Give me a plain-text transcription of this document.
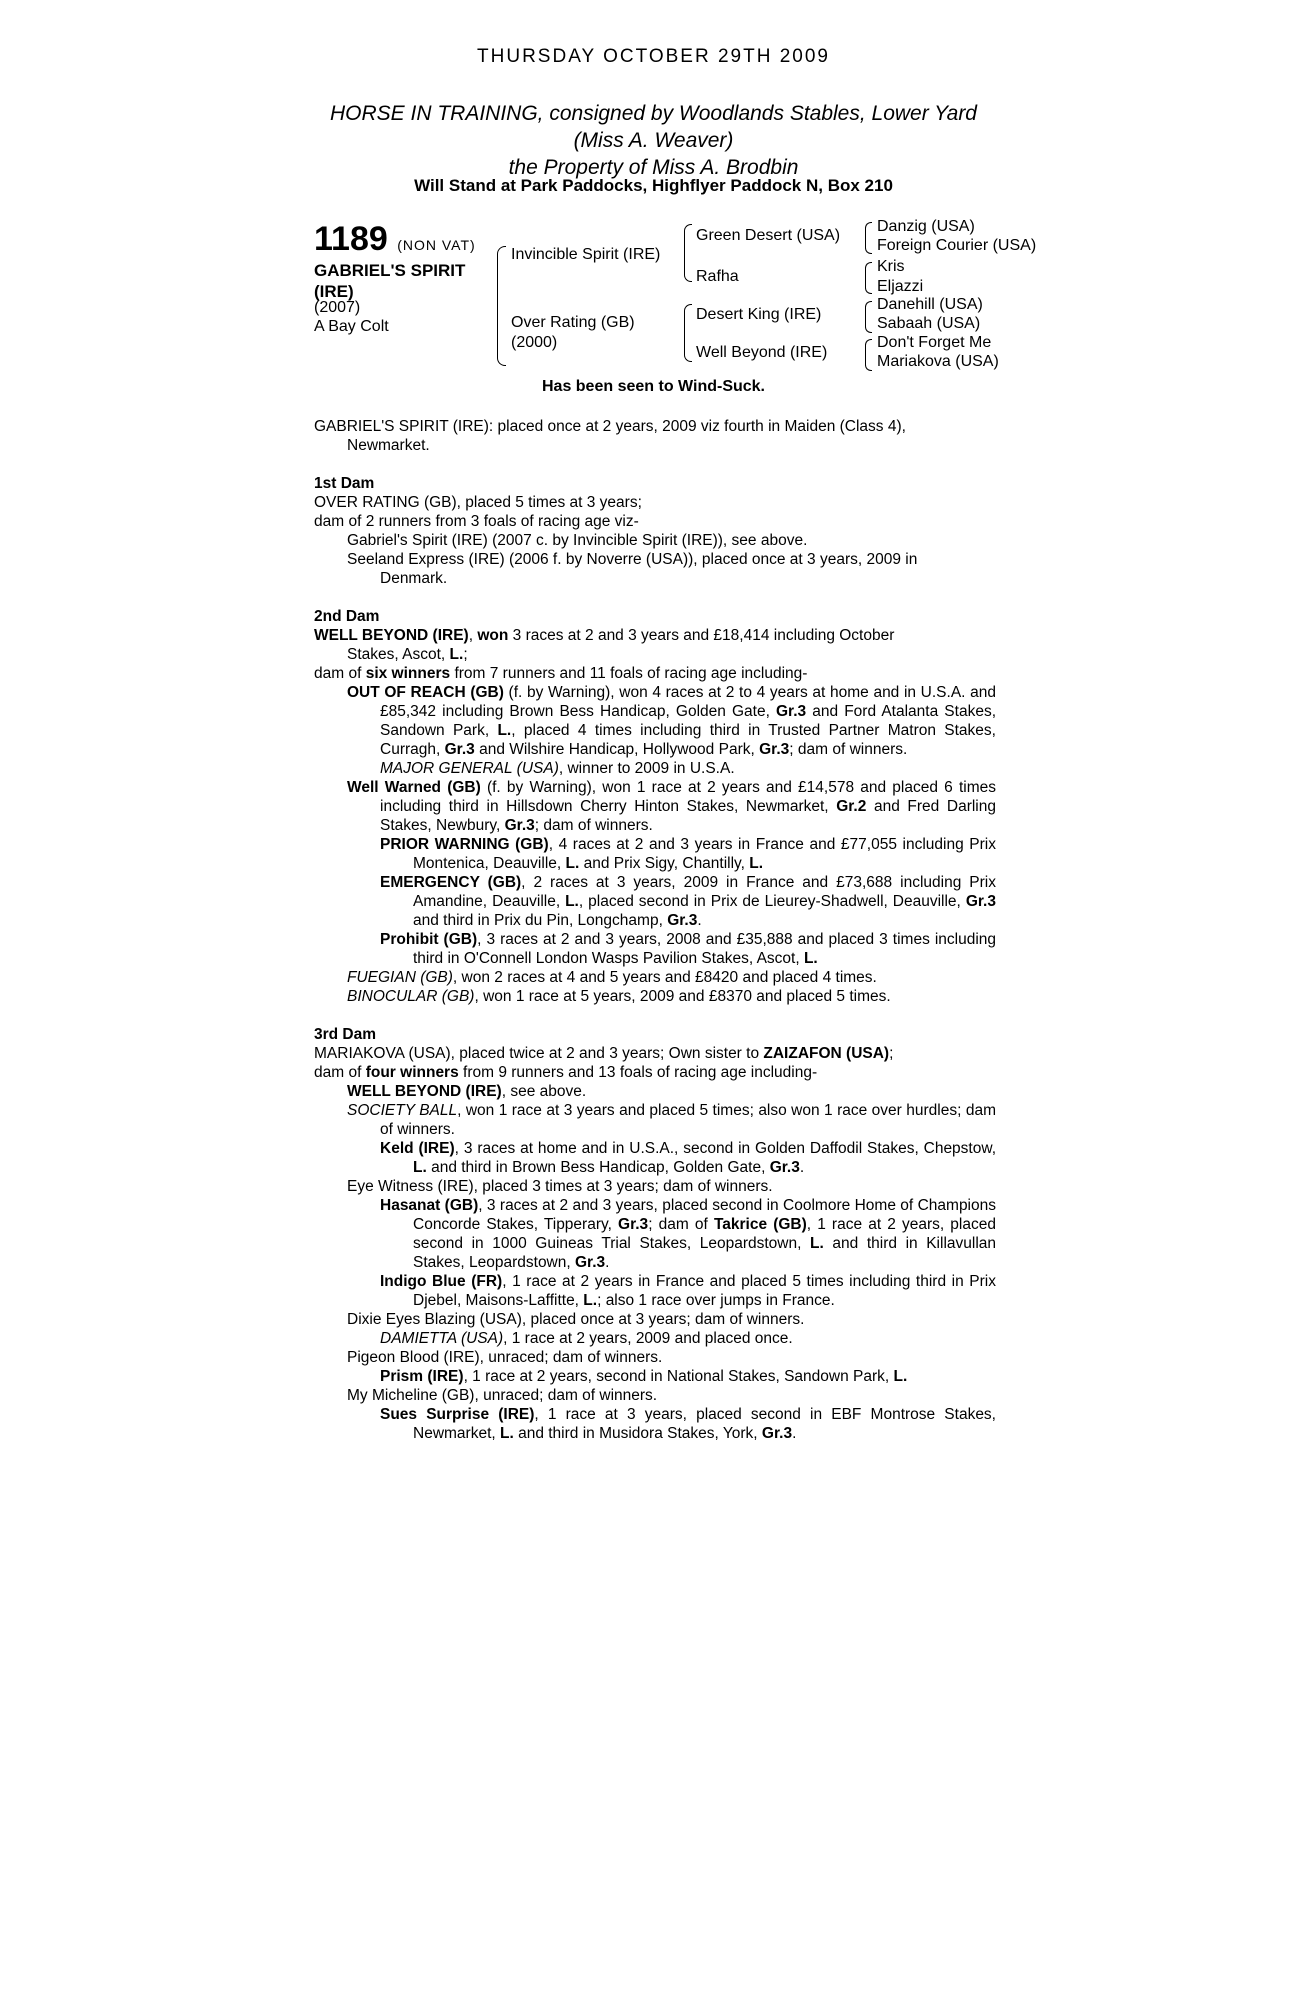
THURSDAY OCTOBER 29TH 2009
HORSE IN TRAINING, consigned by Woodlands Stables, Lower Yard
(Miss A. Weaver)
the Property of Miss A. Brodbin
Will Stand at Park Paddocks, Highflyer Paddock N, Box 210
1189 (NON VAT)
GABRIEL'S SPIRIT
(IRE)
(2007)
A Bay Colt
Invincible Spirit (IRE)
Over Rating (GB)
(2000)
Green Desert (USA)
Rafha
Desert King (IRE)
Well Beyond (IRE)
Danzig (USA)
Foreign Courier (USA)
Kris
Eljazzi
Danehill (USA)
Sabaah (USA)
Don't Forget Me
Mariakova (USA)
Has been seen to Wind-Suck.

GABRIEL'S SPIRIT (IRE): placed once at 2 years, 2009 viz fourth in Maiden (Class 4),

Newmarket.

1st Dam

OVER RATING (GB), placed 5 times at 3 years;

dam of 2 runners from 3 foals of racing age viz-

Gabriel's Spirit (IRE) (2007 c. by Invincible Spirit (IRE)), see above.

Seeland Express (IRE) (2006 f. by Noverre (USA)), placed once at 3 years, 2009 in

Denmark.

2nd Dam

WELL BEYOND (IRE), won 3 races at 2 and 3 years and £18,414 including October

Stakes, Ascot, L.;

dam of six winners from 7 runners and 11 foals of racing age including-

OUT OF REACH (GB) (f. by Warning), won 4 races at 2 to 4 years at home and in U.S.A. and £85,342 including Brown Bess Handicap, Golden Gate, Gr.3 and Ford Atalanta Stakes, Sandown Park, L., placed 4 times including third in Trusted Partner Matron Stakes, Curragh, Gr.3 and Wilshire Handicap, Hollywood Park, Gr.3; dam of winners.

MAJOR GENERAL (USA), winner to 2009 in U.S.A.

Well Warned (GB) (f. by Warning), won 1 race at 2 years and £14,578 and placed 6 times including third in Hillsdown Cherry Hinton Stakes, Newmarket, Gr.2 and Fred Darling Stakes, Newbury, Gr.3; dam of winners.

PRIOR WARNING (GB), 4 races at 2 and 3 years in France and £77,055 including Prix Montenica, Deauville, L. and Prix Sigy, Chantilly, L.

EMERGENCY (GB), 2 races at 3 years, 2009 in France and £73,688 including Prix Amandine, Deauville, L., placed second in Prix de Lieurey-Shadwell, Deauville, Gr.3 and third in Prix du Pin, Longchamp, Gr.3.

Prohibit (GB), 3 races at 2 and 3 years, 2008 and £35,888 and placed 3 times including third in O'Connell London Wasps Pavilion Stakes, Ascot, L.

FUEGIAN (GB), won 2 races at 4 and 5 years and £8420 and placed 4 times.

BINOCULAR (GB), won 1 race at 5 years, 2009 and £8370 and placed 5 times.

3rd Dam

MARIAKOVA (USA), placed twice at 2 and 3 years; Own sister to ZAIZAFON (USA);

dam of four winners from 9 runners and 13 foals of racing age including-

WELL BEYOND (IRE), see above.

SOCIETY BALL, won 1 race at 3 years and placed 5 times; also won 1 race over hurdles; dam of winners.

Keld (IRE), 3 races at home and in U.S.A., second in Golden Daffodil Stakes, Chepstow, L. and third in Brown Bess Handicap, Golden Gate, Gr.3.

Eye Witness (IRE), placed 3 times at 3 years; dam of winners.

Hasanat (GB), 3 races at 2 and 3 years, placed second in Coolmore Home of Champions Concorde Stakes, Tipperary, Gr.3; dam of Takrice (GB), 1 race at 2 years, placed second in 1000 Guineas Trial Stakes, Leopardstown, L. and third in Killavullan Stakes, Leopardstown, Gr.3.

Indigo Blue (FR), 1 race at 2 years in France and placed 5 times including third in Prix Djebel, Maisons-Laffitte, L.; also 1 race over jumps in France.

Dixie Eyes Blazing (USA), placed once at 3 years; dam of winners.

DAMIETTA (USA), 1 race at 2 years, 2009 and placed once.

Pigeon Blood (IRE), unraced; dam of winners.

Prism (IRE), 1 race at 2 years, second in National Stakes, Sandown Park, L.

My Micheline (GB), unraced; dam of winners.

Sues Surprise (IRE), 1 race at 3 years, placed second in EBF Montrose Stakes, Newmarket, L. and third in Musidora Stakes, York, Gr.3.
